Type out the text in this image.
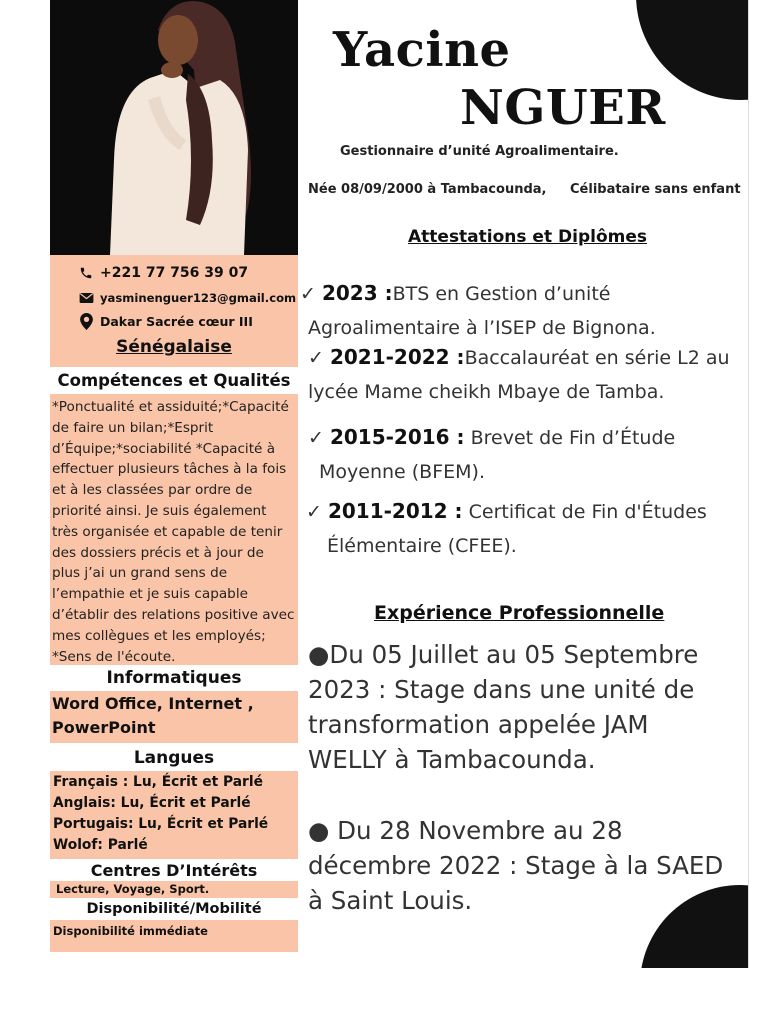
+221 77 756 39 07
yasminenguer123@gmail.com
Dakar Sacrée cœur III
Sénégalaise
Compétences et Qualités
*Ponctualité et assiduité;*Capacité de faire un bilan;*Esprit d’Équipe;*sociabilité *Capacité à effectuer plusieurs tâches à la fois et à les classées par ordre de priorité ainsi. Je suis également très organisée et capable de tenir des dossiers précis et à jour de plus j’ai un grand sens de l’empathie et je suis capable d’établir des relations positive avec mes collègues et les employés; *Sens de l'écoute.
Informatiques
Word Office, Internet , PowerPoint
Langues
Français : Lu, Écrit et Parlé
Anglais: Lu, Écrit et Parlé
Portugais: Lu, Écrit et Parlé
Wolof: Parlé
Centres D’Intérêts
Lecture, Voyage, Sport.
Disponibilité/Mobilité
Disponibilité immédiate
Yacine
NGUER
Gestionnaire d’unité Agroalimentaire.
Née 08/09/2000 à Tambacounda, Célibataire sans enfant
Attestations et Diplômes
✓ 2023 :BTS en Gestion d’unité
Agroalimentaire à l’ISEP de Bignona.
✓ 2021-2022 :Baccalauréat en série L2 au
lycée Mame cheikh Mbaye de Tamba.
✓ 2015-2016 : Brevet de Fin d’Étude
Moyenne (BFEM).
✓ 2011-2012 : Certificat de Fin d'Études
Élémentaire (CFEE).
Expérience Professionnelle
●Du 05 Juillet au 05 Septembre 2023 : Stage dans une unité de transformation appelée JAM WELLY à Tambacounda.
● Du 28 Novembre au 28 décembre 2022 : Stage à la SAED à Saint Louis.
